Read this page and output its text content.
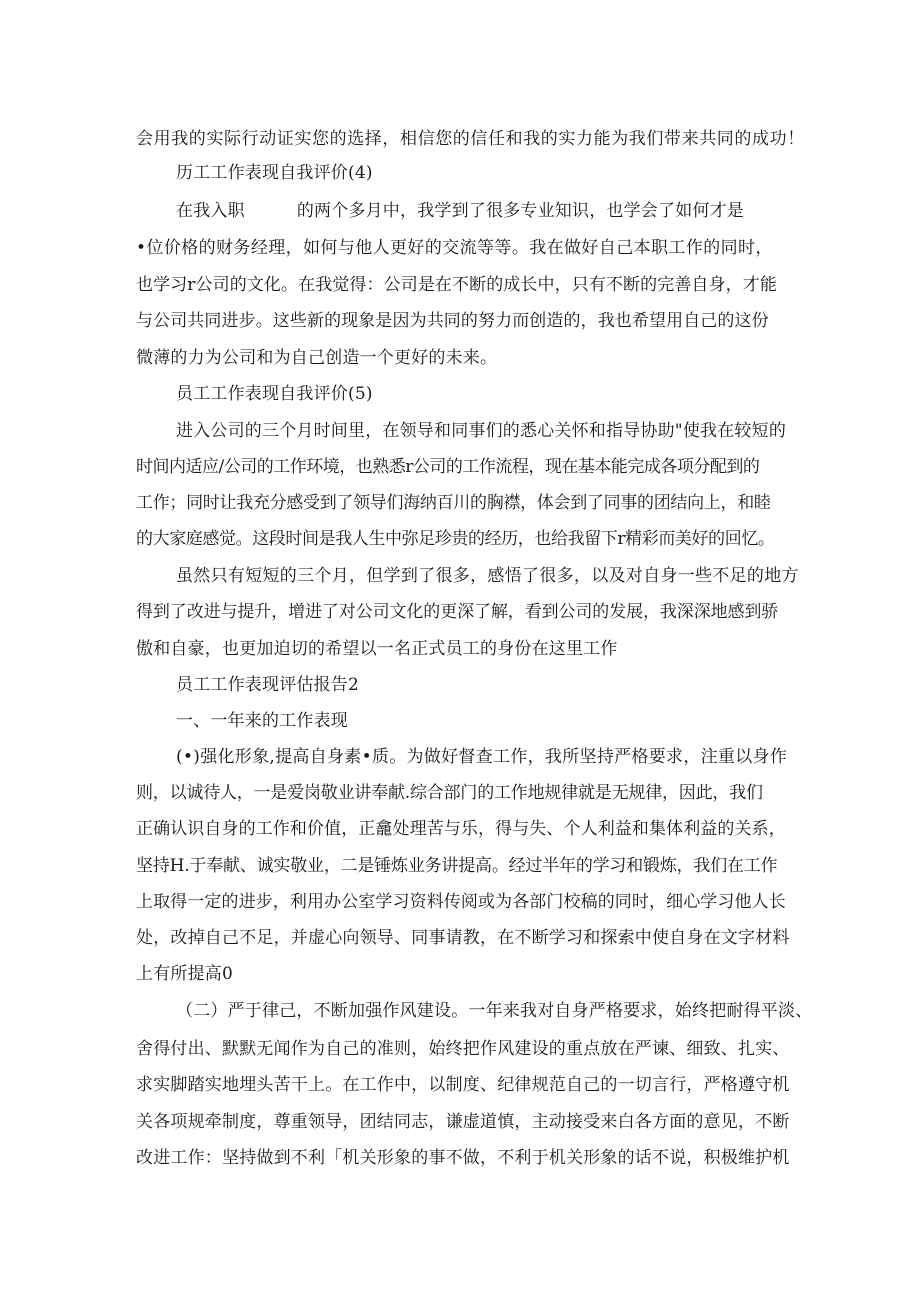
会用我的实际行动证实您的选择，相信您的信任和我的实力能为我们带来共同的成功！
历工工作表现自我评价(4)
在我入职	的两个多月中，我学到了很多专业知识，也学会了如何才是
•位价格的财务经理，如何与他人更好的交流等等。我在做好自己本职工作的同时，
也学习r公司的文化。在我觉得：公司是在不断的成长中，只有不断的完善自身，才能
与公司共同进步。这些新的现象是因为共同的努力而创造的，我也希望用自己的这份
微薄的力为公司和为自己创造一个更好的未来。
员工工作表现自我评价(5)
进入公司的三个月时间里，在领导和同事们的悉心关怀和指导协助"使我在较短的
时间内适应/公司的工作环境，也熟悉r公司的工作流程，现在基本能完成各项分配到的
工作；同时让我充分感受到了领导们海纳百川的胸襟，体会到了同事的团结向上，和睦
的大家庭感觉。这段时间是我人生中弥足珍贵的经历，也给我留下r精彩而美好的回忆。
虽然只有短短的三个月，但学到了很多，感悟了很多，以及对自身一些不足的地方
得到了改进与提升，增进了对公司文化的更深了解，看到公司的发展，我深深地感到骄
傲和自豪，也更加迫切的希望以一名正式员工的身份在这里工作
员工工作表现评估报告2
一、一年来的工作表现
(•)强化形象,提高自身素•质。为做好督查工作，我所坚持严格要求，注重以身作
则，以诚待人，一是爱岗敬业讲奉献.综合部门的工作地规律就是无规律，因此，我们
正确认识自身的工作和价值，正龕处理苦与乐，得与失、个人利益和集体利益的关系，
坚持H.于奉献、诚实敬业，二是锤炼业务讲提高。经过半年的学习和锻炼，我们在工作
上取得一定的进步，利用办公室学习资料传阅或为各部门校稿的同时，细心学习他人长
处，改掉自己不足，并虚心向领导、同事请教，在不断学习和探索中使自身在文字材料
上有所提高0
（二）严于律己，不断加强作风建设。一年来我对自身严格要求，始终把耐得平淡、
舍得付出、默默无闻作为自己的准则，始终把作风建设的重点放在严谏、细致、扎实、
求实脚踏实地埋头苦干上。在工作中，以制度、纪律规范自己的一切言行，严格遵守机
关各项规牵制度，尊重领导，团结同志，谦虚道慎，主动接受来白各方面的意见，不断
改进工作：坚持做到不利「机关形象的事不做，不利于机关形象的话不说，积极维护机
